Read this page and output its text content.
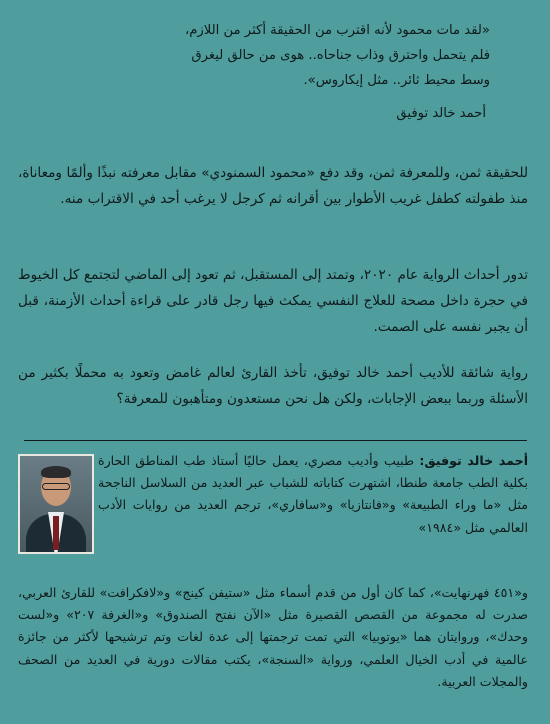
«لقد مات محمود لأنه اقترب من الحقيقة أكثر من اللازم،

فلم يتحمل واحترق وذاب جناحاه.. هوى من حالق ليغرق

وسط محيط ثائر.. مثل إيكاروس».

أحمد خالد توفيق

للحقيقة ثمن، وللمعرفة ثمن، وقد دفع «محمود السمنودي» مقابل معرفته نبذًا وألمًا ومعاناة، منذ طفولته كطفل غريب الأطوار بين أقرانه ثم كرجل لا يرغب أحد في الاقتراب منه.

تدور أحداث الرواية عام ٢٠٢٠، وتمتد إلى المستقبل، ثم تعود إلى الماضي لتجتمع كل الخيوط في حجرة داخل مصحة للعلاج النفسي يمكث فيها رجل قادر على قراءة أحداث الأزمنة، قبل أن يجبر نفسه على الصمت.

رواية شائقة للأديب أحمد خالد توفيق، تأخذ القارئ لعالم غامض وتعود به محملًا بكثير من الأسئلة وربما ببعض الإجابات، ولكن هل نحن مستعدون ومتأهبون للمعرفة؟

أحمد خالد توفيق: طبيب وأديب مصري، يعمل حاليًا أستاذ طب المناطق الحارة بكلية الطب جامعة طنطا، اشتهرت كتاباته للشباب عبر العديد من السلاسل الناجحة مثل «ما وراء الطبيعة» و«فانتازيا» و«سافاري»، ترجم العديد من روايات الأدب العالمي مثل «١٩٨٤»

و«٤٥١ فهرنهايت»، كما كان أول من قدم أسماء مثل «ستيفن كينج» و«لافكرافت» للقارئ العربي، صدرت له مجموعة من القصص القصيرة مثل «الآن نفتح الصندوق» و«الغرفة ٢٠٧» و«لست وحدك»، وروايتان هما «يوتوبيا» التي تمت ترجمتها إلى عدة لغات وتم ترشيحها لأكثر من جائزة عالمية في أدب الخيال العلمي، ورواية «السنجة»، يكتب مقالات دورية في العديد من الصحف والمجلات العربية.
